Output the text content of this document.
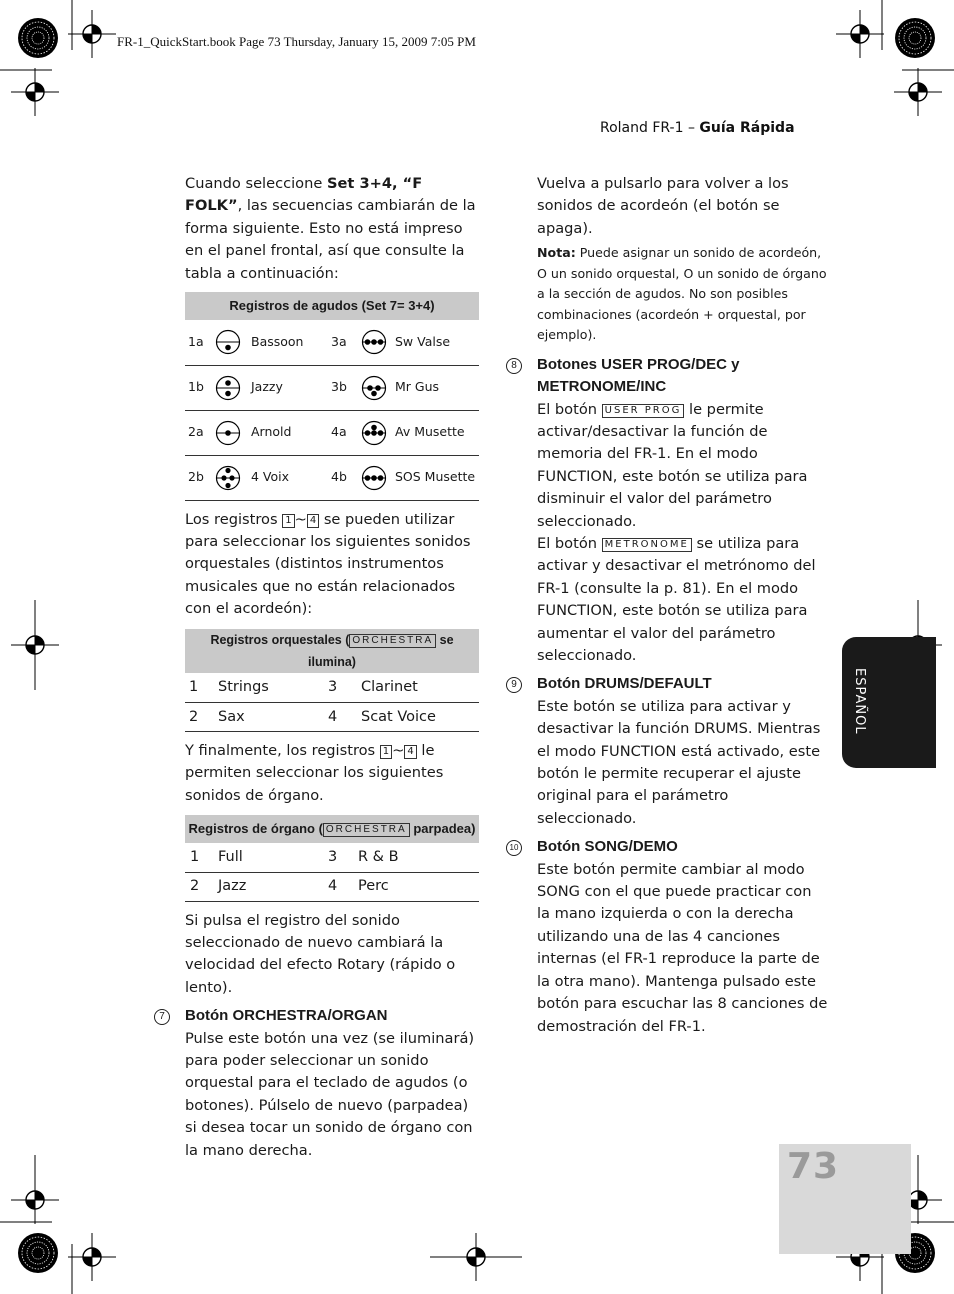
FR-1_QuickStart.book Page 73 Thursday, January 15, 2009 7:05 PM
Roland FR-1 – Guía Rápida

Cuando seleccione Set 3+4, “F FOLK”, las secuencias cambiarán de la forma siguiente. Esto no está impreso en el panel frontal, así que consulte la tabla a continuación:

Registros de agudos (Set 7= 3+4)					
1a		Bassoon	3a		Sw Valse
1b		Jazzy	3b		Mr Gus
2a		Arnold	4a		Av Musette
2b		4 Voix	4b		SOS Musette

Los registros 1 ~ 4 se pueden utilizar para seleccionar los siguientes sonidos orquestales (distintos instrumentos musicales que no están relacionados con el acordeón):

Registros orquestales ( ORCHESTRA se ilumina)			
1	Strings	3	Clarinet
2	Sax	4	Scat Voice

Y finalmente, los registros 1 ~ 4 le permiten seleccionar los siguientes sonidos de órgano.

Registros de órgano ( ORCHESTRA parpadea)			
1	Full	3	R & B
2	Jazz	4	Perc

Si pulsa el registro del sonido seleccionado de nuevo cambiará la velocidad del efecto Rotary (rápido o lento).

7	Botón ORCHESTRA/ORGAN

Pulse este botón una vez (se iluminará) para poder seleccionar un sonido orquestal para el teclado de agudos (o botones). Púlselo de nuevo (parpadea) si desea tocar un sonido de órgano con la mano derecha.

Vuelva a pulsarlo para volver a los sonidos de acordeón (el botón se apaga).

Nota: Puede asignar un sonido de acordeón, O un sonido orquestal, O un sonido de órgano a la sección de agudos. No son posibles combinaciones (acordeón + orquestal, por ejemplo).

8	Botones USER PROG/DEC y METRONOME/INC

El botón USER PROG le permite activar/desactivar la función de memoria del FR-1. En el modo FUNCTION, este botón se utiliza para disminuir el valor del parámetro seleccionado.

El botón METRONOME se utiliza para activar y desactivar el metrónomo del FR-1 (consulte la p. 81). En el modo FUNCTION, este botón se utiliza para aumentar el valor del parámetro seleccionado.

9	Botón DRUMS/DEFAULT

Este botón se utiliza para activar y desactivar la función DRUMS. Mientras el modo FUNCTION está activado, este botón le permite recuperar el ajuste original para el parámetro seleccionado.

10 Botón SONG/DEMO

Este botón permite cambiar al modo SONG con el que puede practicar con la mano izquierda o con la derecha utilizando una de las 4 canciones internas (el FR-1 reproduce la parte de la otra mano). Mantenga pulsado este botón para escuchar las 8 canciones de demostración del FR-1.

ESPAÑOL
73
